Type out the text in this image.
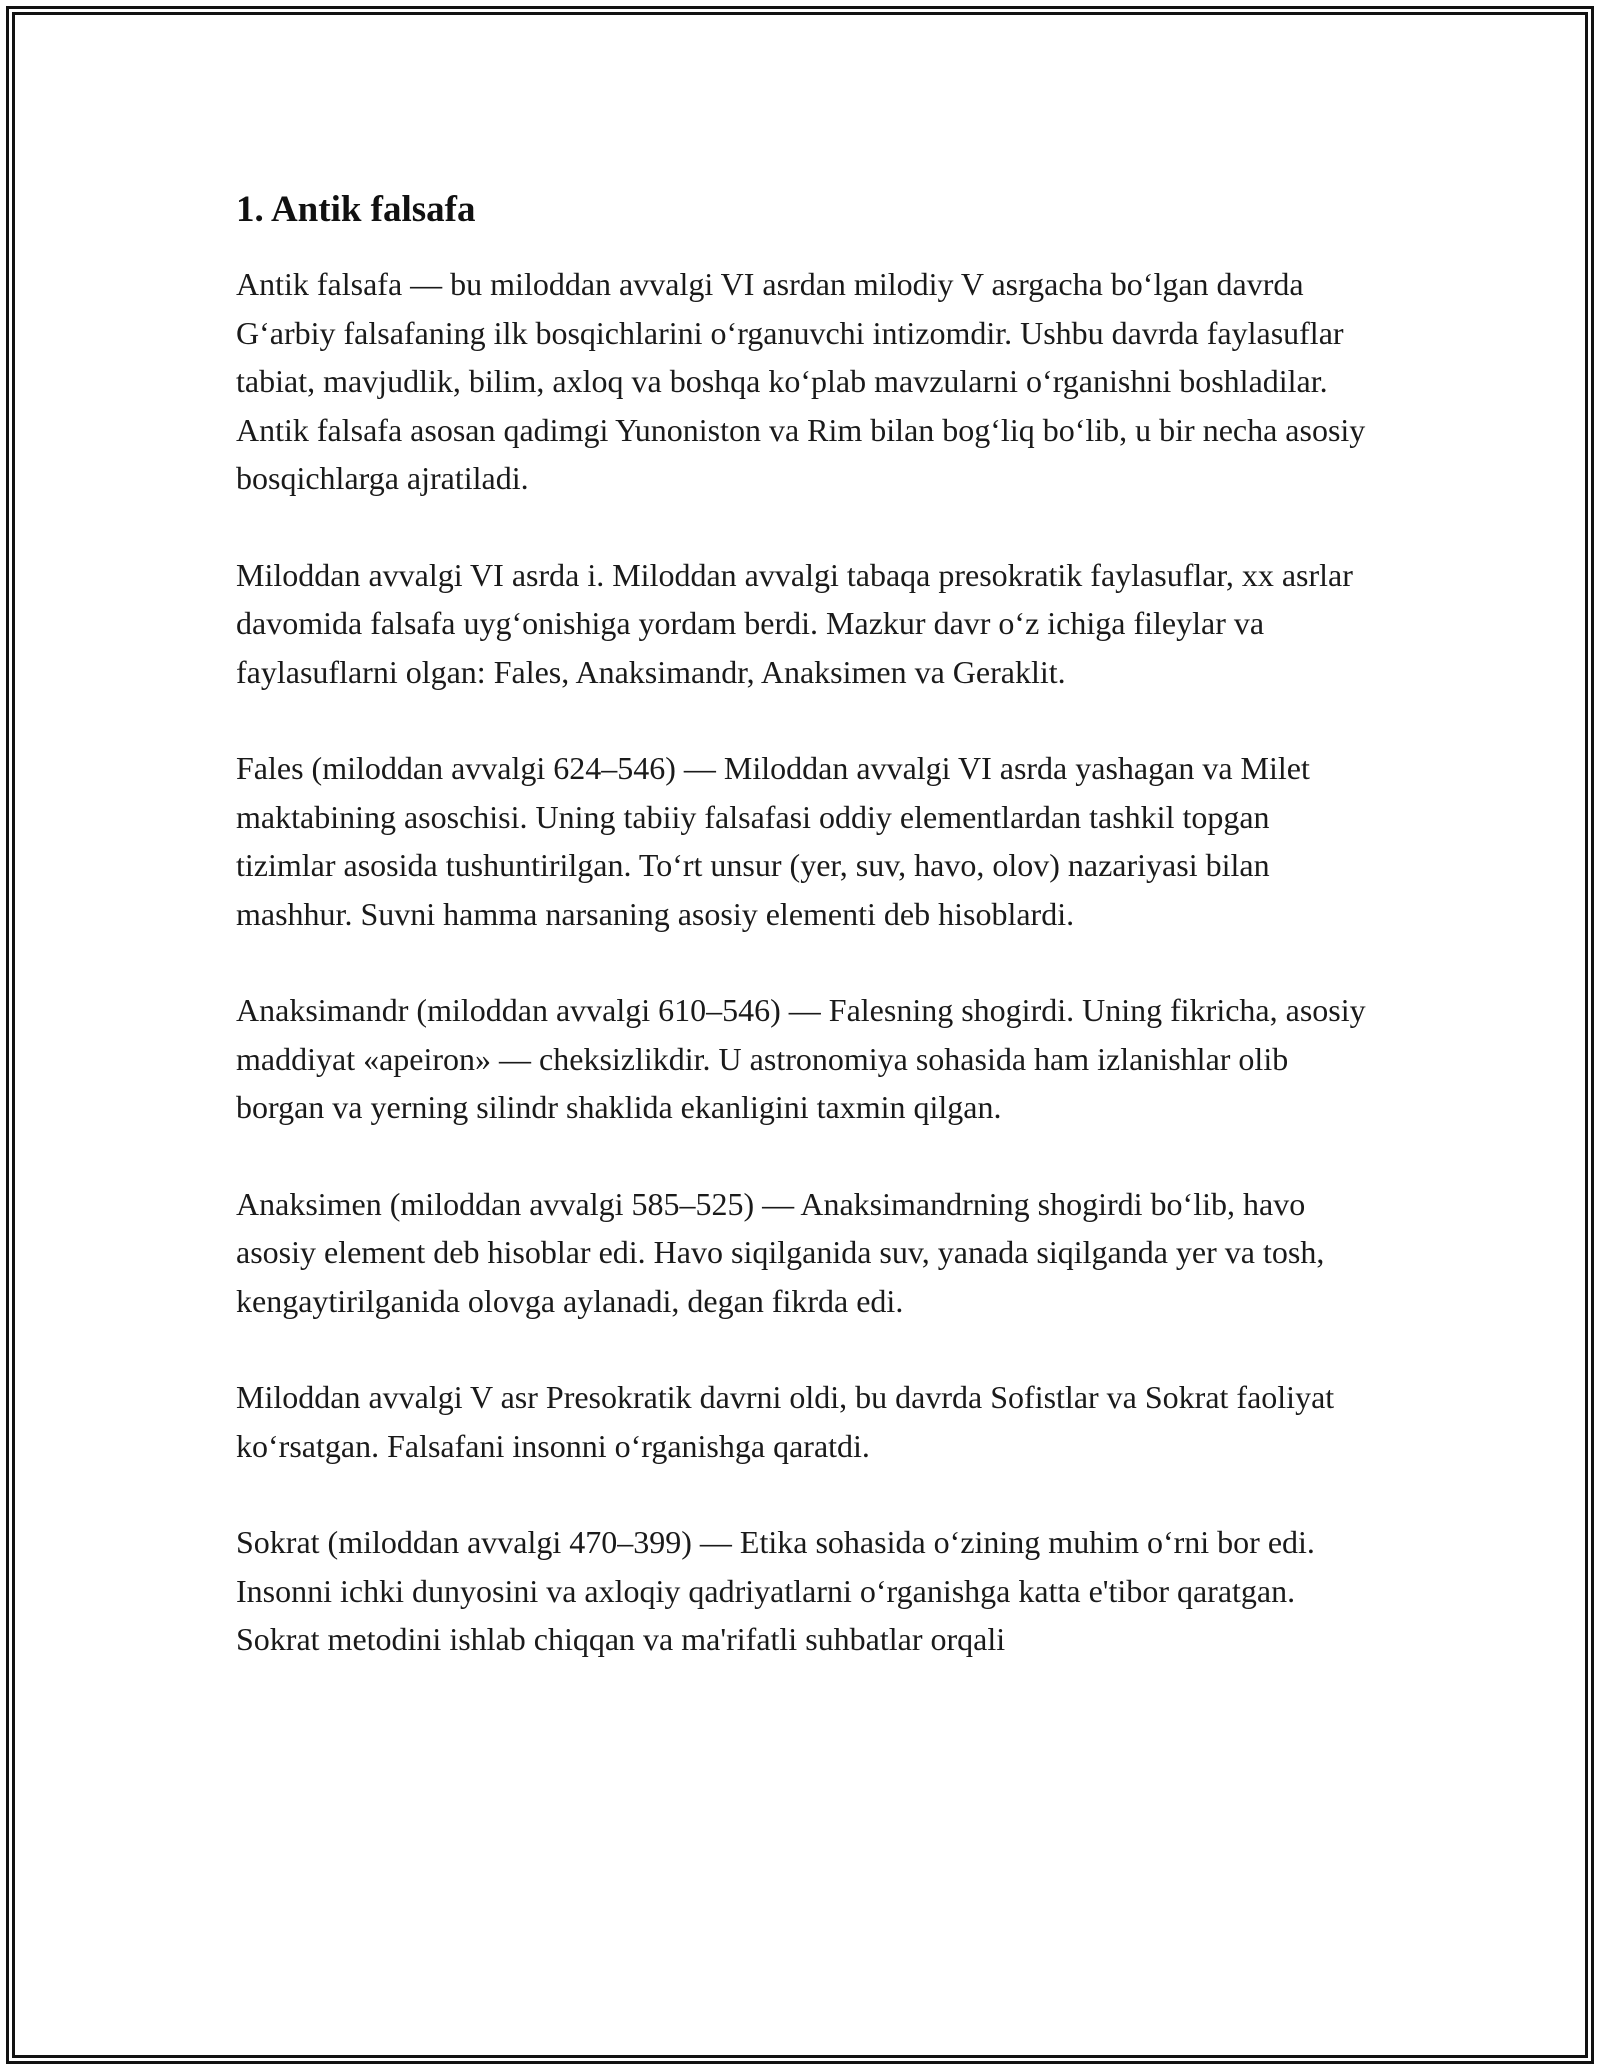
1. Antik falsafa

Antik falsafa — bu miloddan avvalgi VI asrdan milodiy V asrgacha bo‘lgan davrda G‘arbiy falsafaning ilk bosqichlarini o‘rganuvchi intizomdir. Ushbu davrda faylasuflar tabiat, mavjudlik, bilim, axloq va boshqa ko‘plab mavzularni o‘rganishni boshladilar. Antik falsafa asosan qadimgi Yunoniston va Rim bilan bog‘liq bo‘lib, u bir necha asosiy bosqichlarga ajratiladi.

Miloddan avvalgi VI asrda i. Miloddan avvalgi tabaqa presokratik faylasuflar, xx asrlar davomida falsafa uyg‘onishiga yordam berdi. Mazkur davr o‘z ichiga fileylar va faylasuflarni olgan: Fales, Anaksimandr, Anaksimen va Geraklit.

Fales (miloddan avvalgi 624–546) — Miloddan avvalgi VI asrda yashagan va Milet maktabining asoschisi. Uning tabiiy falsafasi oddiy elementlardan tashkil topgan tizimlar asosida tushuntirilgan. To‘rt unsur (yer, suv, havo, olov) nazariyasi bilan mashhur. Suvni hamma narsaning asosiy elementi deb hisoblardi.

Anaksimandr (miloddan avvalgi 610–546) — Falesning shogirdi. Uning fikricha, asosiy maddiyat «apeiron» — cheksizlikdir. U astronomiya sohasida ham izlanishlar olib borgan va yerning silindr shaklida ekanligini taxmin qilgan.

Anaksimen (miloddan avvalgi 585–525) — Anaksimandrning shogirdi bo‘lib, havo asosiy element deb hisoblar edi. Havo siqilganida suv, yanada siqilganda yer va tosh, kengaytirilganida olovga aylanadi, degan fikrda edi.

Miloddan avvalgi V asr Presokratik davrni oldi, bu davrda Sofistlar va Sokrat faoliyat ko‘rsatgan. Falsafani insonni o‘rganishga qaratdi.

Sokrat (miloddan avvalgi 470–399) — Etika sohasida o‘zining muhim o‘rni bor edi. Insonni ichki dunyosini va axloqiy qadriyatlarni o‘rganishga katta e'tibor qaratgan. Sokrat metodini ishlab chiqqan va ma'rifatli suhbatlar orqali
